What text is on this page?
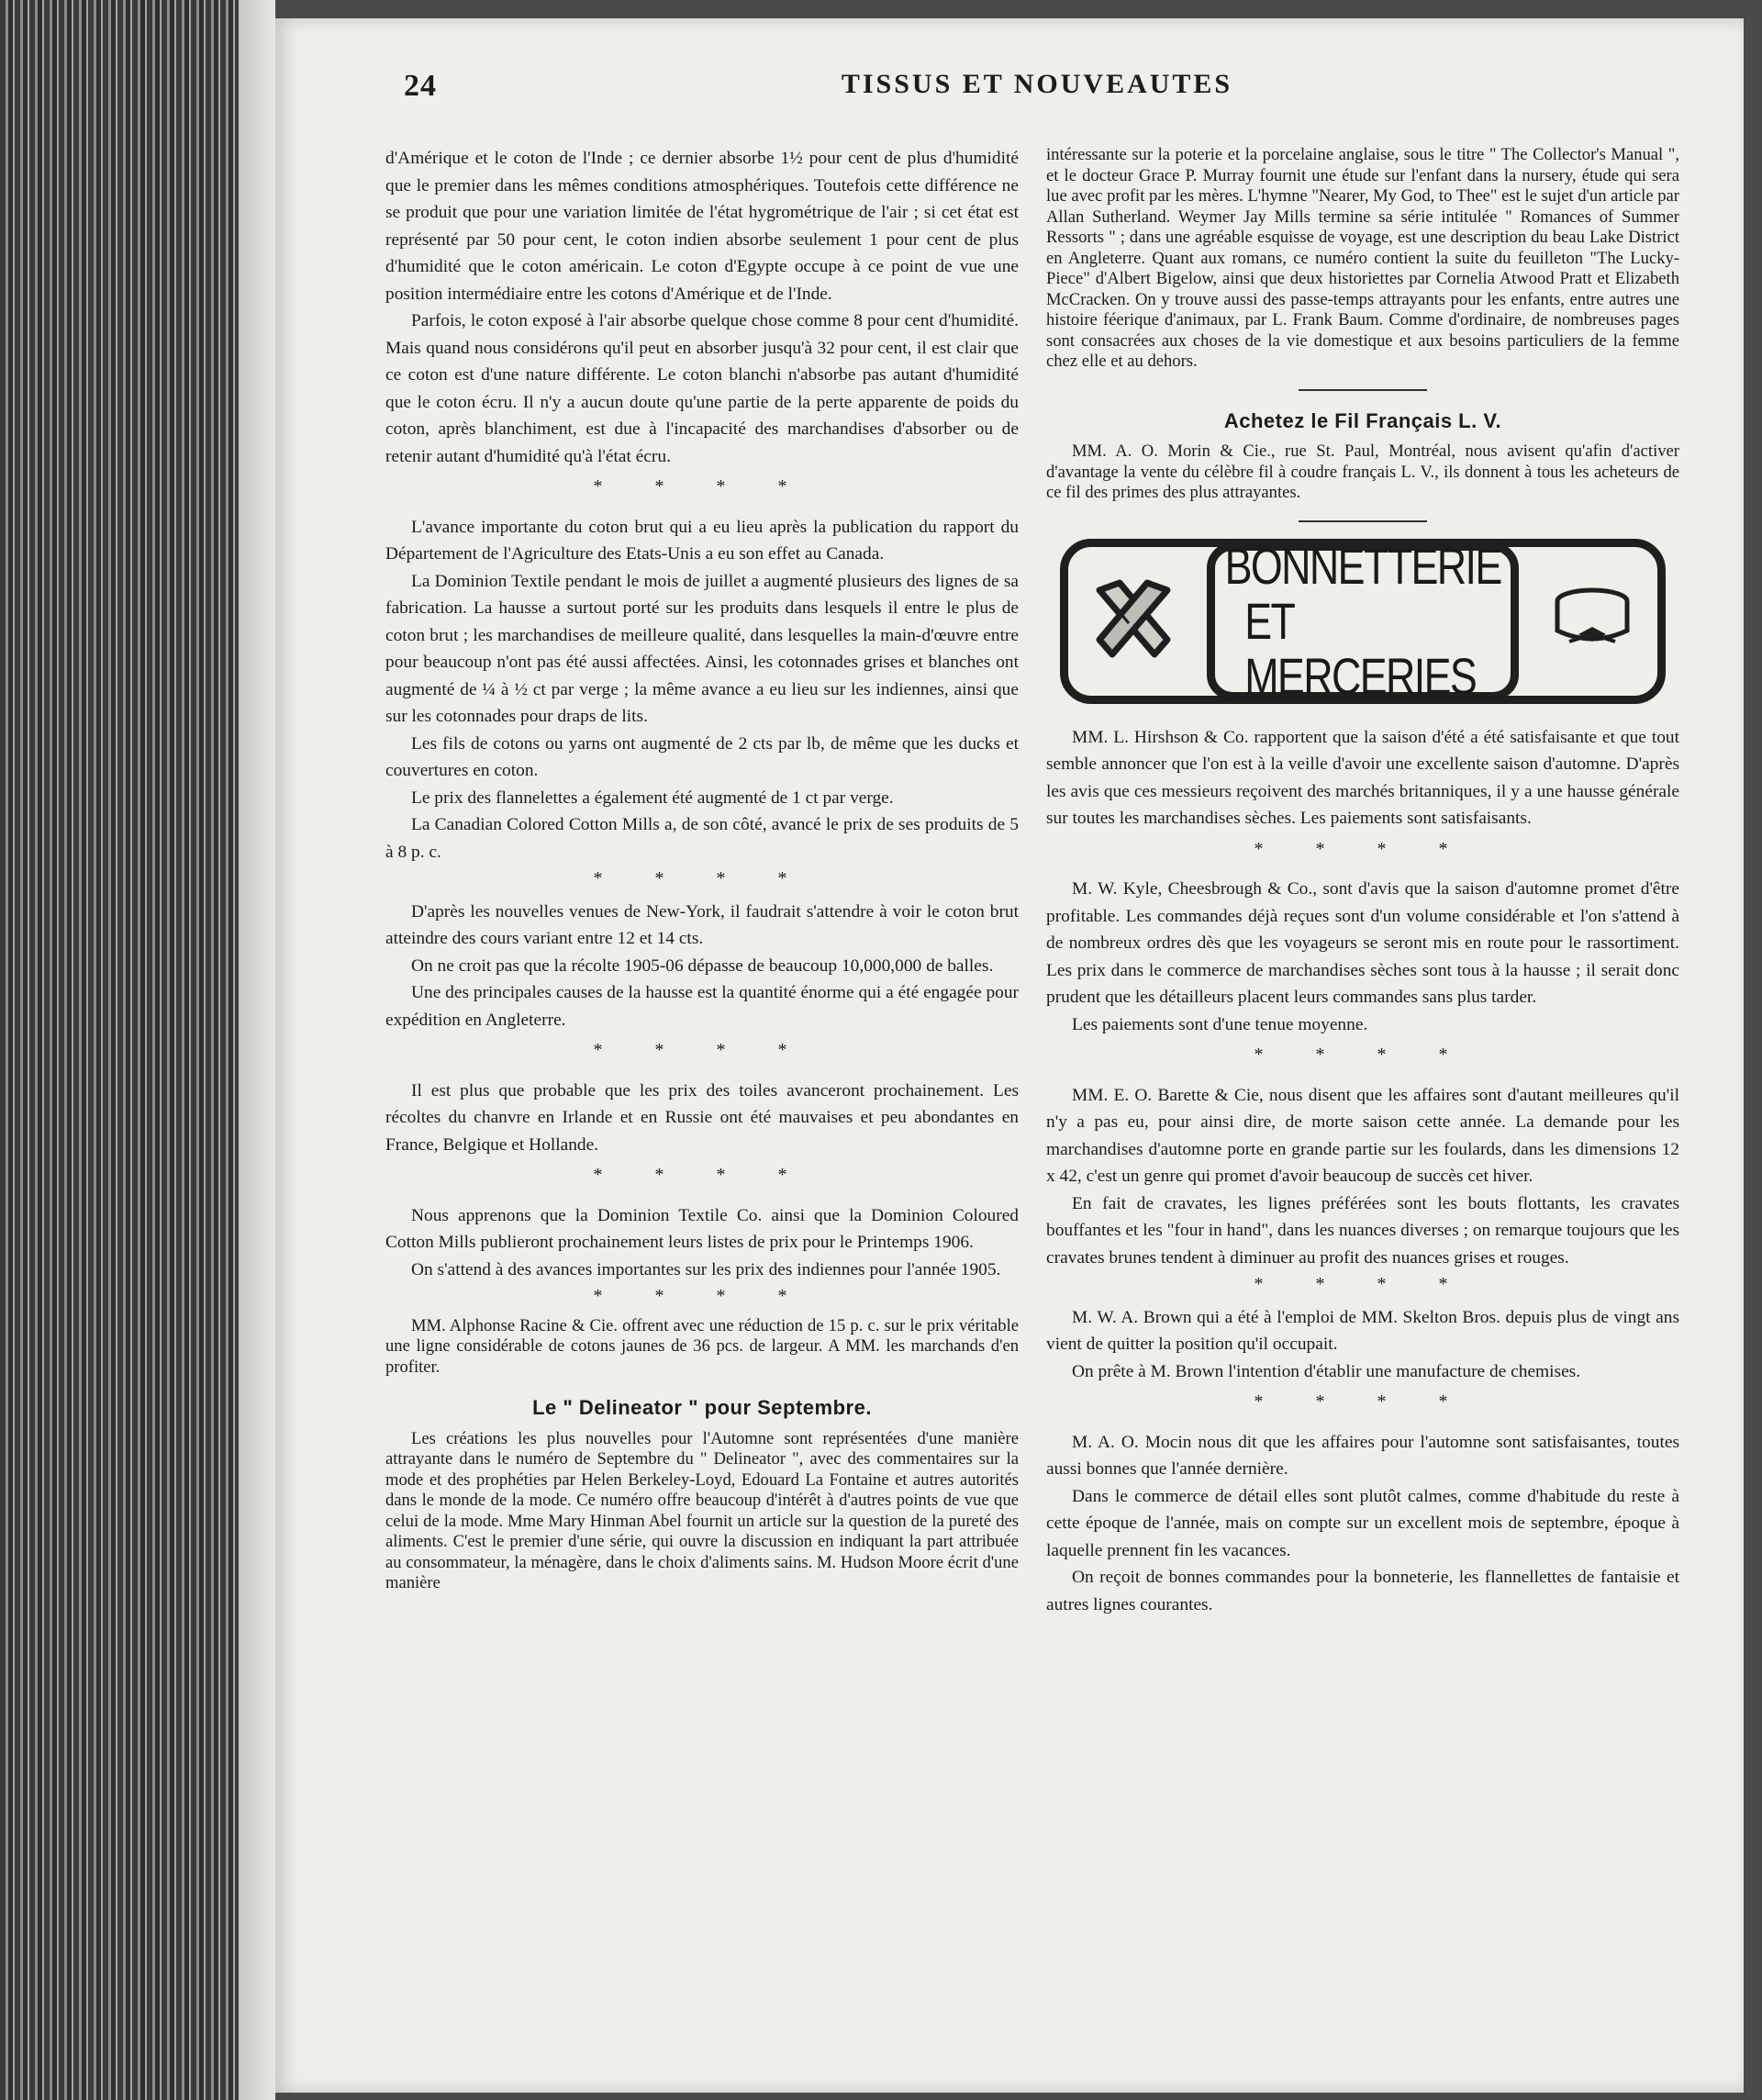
TISSUS ET NOUVEAUTES
24

d'Amérique et le coton de l'Inde ; ce dernier absorbe 1½ pour cent de plus d'humidité que le premier dans les mêmes conditions atmosphériques. Toutefois cette différence ne se produit que pour une variation limitée de l'état hygrométrique de l'air ; si cet état est représenté par 50 pour cent, le coton indien absorbe seulement 1 pour cent de plus d'humidité que le coton américain. Le coton d'Egypte occupe à ce point de vue une position intermédiaire entre les cotons d'Amérique et de l'Inde.

Parfois, le coton exposé à l'air absorbe quelque chose comme 8 pour cent d'humidité. Mais quand nous considérons qu'il peut en absorber jusqu'à 32 pour cent, il est clair que ce coton est d'une nature différente. Le coton blanchi n'absorbe pas autant d'humidité que le coton écru. Il n'y a aucun doute qu'une partie de la perte apparente de poids du coton, après blanchiment, est due à l'incapacité des marchandises d'absorber ou de retenir autant d'humidité qu'à l'état écru.

* * * *

L'avance importante du coton brut qui a eu lieu après la publication du rapport du Département de l'Agriculture des Etats-Unis a eu son effet au Canada.

La Dominion Textile pendant le mois de juillet a augmenté plusieurs des lignes de sa fabrication. La hausse a surtout porté sur les produits dans lesquels il entre le plus de coton brut ; les marchandises de meilleure qualité, dans lesquelles la main-d'œuvre entre pour beaucoup n'ont pas été aussi affectées. Ainsi, les cotonnades grises et blanches ont augmenté de ¼ à ½ ct par verge ; la même avance a eu lieu sur les indiennes, ainsi que sur les cotonnades pour draps de lits.

Les fils de cotons ou yarns ont augmenté de 2 cts par lb, de même que les ducks et couvertures en coton.

Le prix des flannelettes a également été augmenté de 1 ct par verge.

La Canadian Colored Cotton Mills a, de son côté, avancé le prix de ses produits de 5 à 8 p. c.

* * * *

D'après les nouvelles venues de New-York, il faudrait s'attendre à voir le coton brut atteindre des cours variant entre 12 et 14 cts.

On ne croit pas que la récolte 1905-06 dépasse de beaucoup 10,000,000 de balles.

Une des principales causes de la hausse est la quantité énorme qui a été engagée pour expédition en Angleterre.

* * * *

Il est plus que probable que les prix des toiles avanceront prochainement. Les récoltes du chanvre en Irlande et en Russie ont été mauvaises et peu abondantes en France, Belgique et Hollande.

* * * *

Nous apprenons que la Dominion Textile Co. ainsi que la Dominion Coloured Cotton Mills publieront prochainement leurs listes de prix pour le Printemps 1906.

On s'attend à des avances importantes sur les prix des indiennes pour l'année 1905.

* * * *

MM. Alphonse Racine & Cie. offrent avec une réduction de 15 p. c. sur le prix véritable une ligne considérable de cotons jaunes de 36 pcs. de largeur. A MM. les marchands d'en profiter.

Le " Delineator " pour Septembre.

Les créations les plus nouvelles pour l'Automne sont représentées d'une manière attrayante dans le numéro de Septembre du " Delineator ", avec des commentaires sur la mode et des prophéties par Helen Berkeley-Loyd, Edouard La Fontaine et autres autorités dans le monde de la mode. Ce numéro offre beaucoup d'intérêt à d'autres points de vue que celui de la mode. Mme Mary Hinman Abel fournit un article sur la question de la pureté des aliments. C'est le premier d'une série, qui ouvre la discussion en indiquant la part attribuée au consommateur, la ménagère, dans le choix d'aliments sains. M. Hudson Moore écrit d'une manière

intéressante sur la poterie et la porcelaine anglaise, sous le titre " The Collector's Manual ", et le docteur Grace P. Murray fournit une étude sur l'enfant dans la nursery, étude qui sera lue avec profit par les mères. L'hymne "Nearer, My God, to Thee" est le sujet d'un article par Allan Sutherland. Weymer Jay Mills termine sa série intitulée " Romances of Summer Ressorts " ; dans une agréable esquisse de voyage, est une description du beau Lake District en Angleterre. Quant aux romans, ce numéro contient la suite du feuilleton "The Lucky-Piece" d'Albert Bigelow, ainsi que deux historiettes par Cornelia Atwood Pratt et Elizabeth McCracken. On y trouve aussi des passe-temps attrayants pour les enfants, entre autres une histoire féerique d'animaux, par L. Frank Baum. Comme d'ordinaire, de nombreuses pages sont consacrées aux choses de la vie domestique et aux besoins particuliers de la femme chez elle et au dehors.

Achetez le Fil Français L. V.

MM. A. O. Morin & Cie., rue St. Paul, Montréal, nous avisent qu'afin d'activer d'avantage la vente du célèbre fil à coudre français L. V., ils donnent à tous les acheteurs de ce fil des primes des plus attrayantes.

BONNETTERIE
ET MERCERIES

MM. L. Hirshson & Co. rapportent que la saison d'été a été satisfaisante et que tout semble annoncer que l'on est à la veille d'avoir une excellente saison d'automne. D'après les avis que ces messieurs reçoivent des marchés britanniques, il y a une hausse générale sur toutes les marchandises sèches. Les paiements sont satisfaisants.

* * * *

M. W. Kyle, Cheesbrough & Co., sont d'avis que la saison d'automne promet d'être profitable. Les commandes déjà reçues sont d'un volume considérable et l'on s'attend à de nombreux ordres dès que les voyageurs se seront mis en route pour le rassortiment. Les prix dans le commerce de marchandises sèches sont tous à la hausse ; il serait donc prudent que les détailleurs placent leurs commandes sans plus tarder.

Les paiements sont d'une tenue moyenne.

* * * *

MM. E. O. Barette & Cie, nous disent que les affaires sont d'autant meilleures qu'il n'y a pas eu, pour ainsi dire, de morte saison cette année. La demande pour les marchandises d'automne porte en grande partie sur les foulards, dans les dimensions 12 x 42, c'est un genre qui promet d'avoir beaucoup de succès cet hiver.

En fait de cravates, les lignes préférées sont les bouts flottants, les cravates bouffantes et les "four in hand", dans les nuances diverses ; on remarque toujours que les cravates brunes tendent à diminuer au profit des nuances grises et rouges.

* * * *

M. W. A. Brown qui a été à l'emploi de MM. Skelton Bros. depuis plus de vingt ans vient de quitter la position qu'il occupait.

On prête à M. Brown l'intention d'établir une manufacture de chemises.

* * * *

M. A. O. Mocin nous dit que les affaires pour l'automne sont satisfaisantes, toutes aussi bonnes que l'année dernière.

Dans le commerce de détail elles sont plutôt calmes, comme d'habitude du reste à cette époque de l'année, mais on compte sur un excellent mois de septembre, époque à laquelle prennent fin les vacances.

On reçoit de bonnes commandes pour la bonneterie, les flannellettes de fantaisie et autres lignes courantes.
